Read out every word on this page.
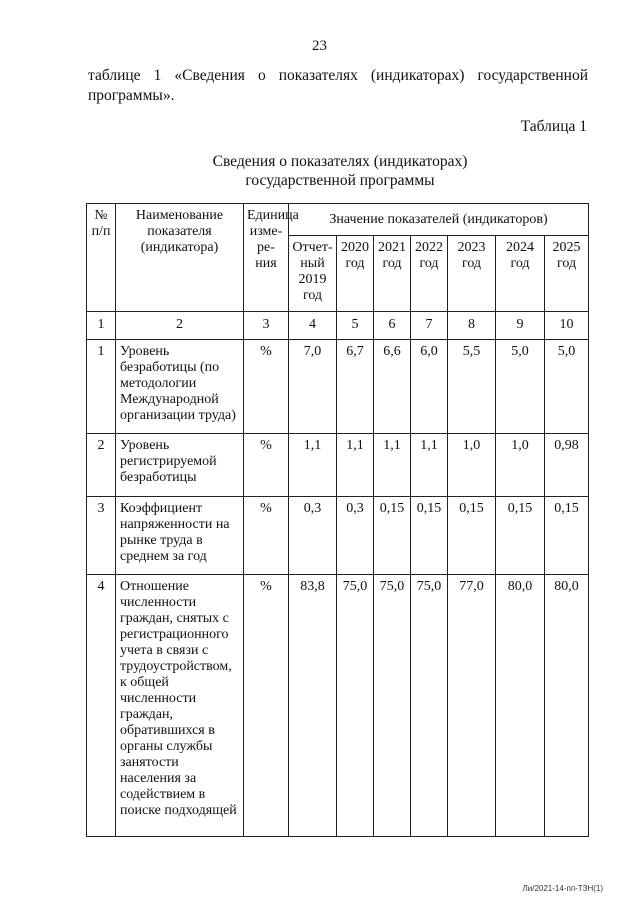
23
таблице 1 «Сведения о показателях (индикаторах) государственной
программы».
Таблица 1
Сведения о показателях (индикаторах)
государственной программы
№ п/п	Наименование показателя (индикатора)	Единица изме-ре-ния	Значение показателей (индикаторов)						
			Отчет-ный 2019 год	2020 год	2021 год	2022 год	2023 год	2024 год	2025 год
1	2	3	4	5	6	7	8	9	10
1	Уровень безработицы (по методологии Международной организации труда)	%	7,0	6,7	6,6	6,0	5,5	5,0	5,0
2	Уровень регистрируемой безработицы	%	1,1	1,1	1,1	1,1	1,0	1,0	0,98
3	Коэффициент напряженности на рынке труда в среднем за год	%	0,3	0,3	0,15	0,15	0,15	0,15	0,15
4	Отношение численности граждан, снятых с регистрационного учета в связи с трудоустройством, к общей численности граждан, обратившихся в органы службы занятости населения за содействием в поиске подходящей	%	83,8	75,0	75,0	75,0	77,0	80,0	80,0
Ли/2021-14-пп-ТЗН(1)
